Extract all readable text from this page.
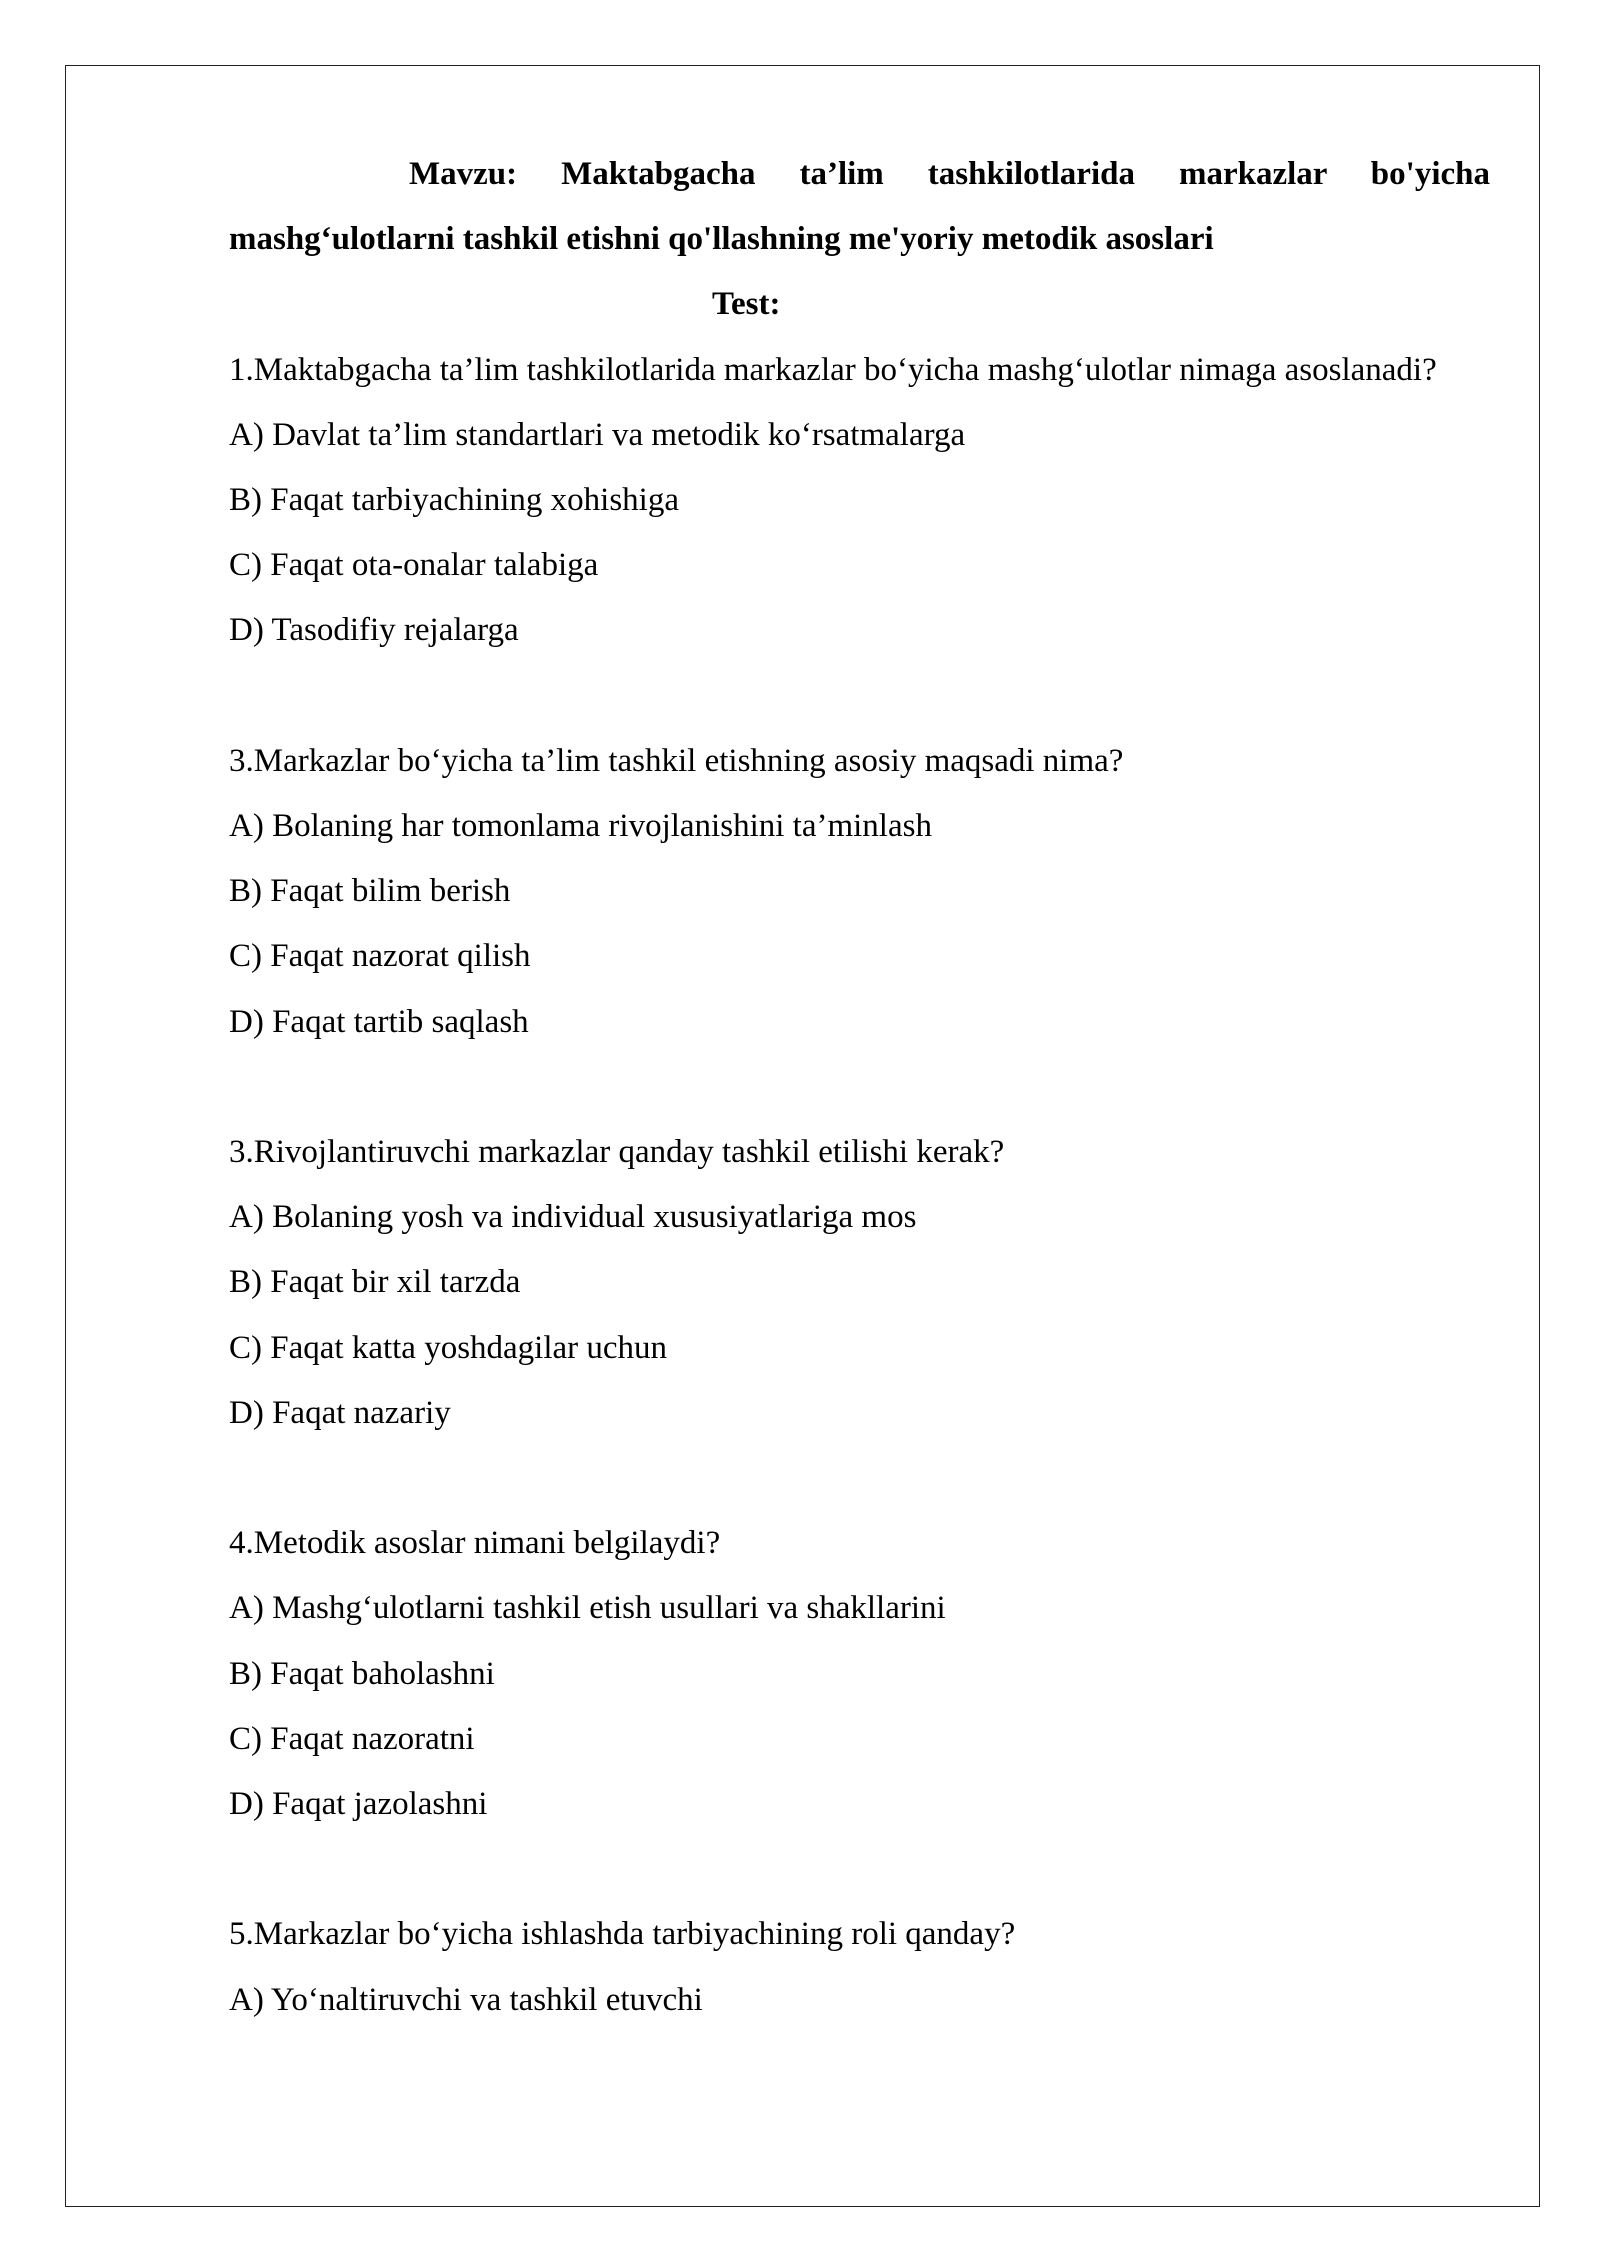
Mavzu: Maktabgacha ta’lim tashkilotlarida markazlar bo'yicha mashg‘ulotlarni tashkil etishni qo'llashning me'yoriy metodik asoslari

Test:

1.Maktabgacha ta’lim tashkilotlarida markazlar bo‘yicha mashg‘ulotlar nimaga asoslanadi?

A) Davlat ta’lim standartlari va metodik ko‘rsatmalarga

B) Faqat tarbiyachining xohishiga

C) Faqat ota-onalar talabiga

D) Tasodifiy rejalarga

3.Markazlar bo‘yicha ta’lim tashkil etishning asosiy maqsadi nima?

A) Bolaning har tomonlama rivojlanishini ta’minlash

B) Faqat bilim berish

C) Faqat nazorat qilish

D) Faqat tartib saqlash

3.Rivojlantiruvchi markazlar qanday tashkil etilishi kerak?

A) Bolaning yosh va individual xususiyatlariga mos

B) Faqat bir xil tarzda

C) Faqat katta yoshdagilar uchun

D) Faqat nazariy

4.Metodik asoslar nimani belgilaydi?

A) Mashg‘ulotlarni tashkil etish usullari va shakllarini

B) Faqat baholashni

C) Faqat nazoratni

D) Faqat jazolashni

5.Markazlar bo‘yicha ishlashda tarbiyachining roli qanday?

A) Yo‘naltiruvchi va tashkil etuvchi
